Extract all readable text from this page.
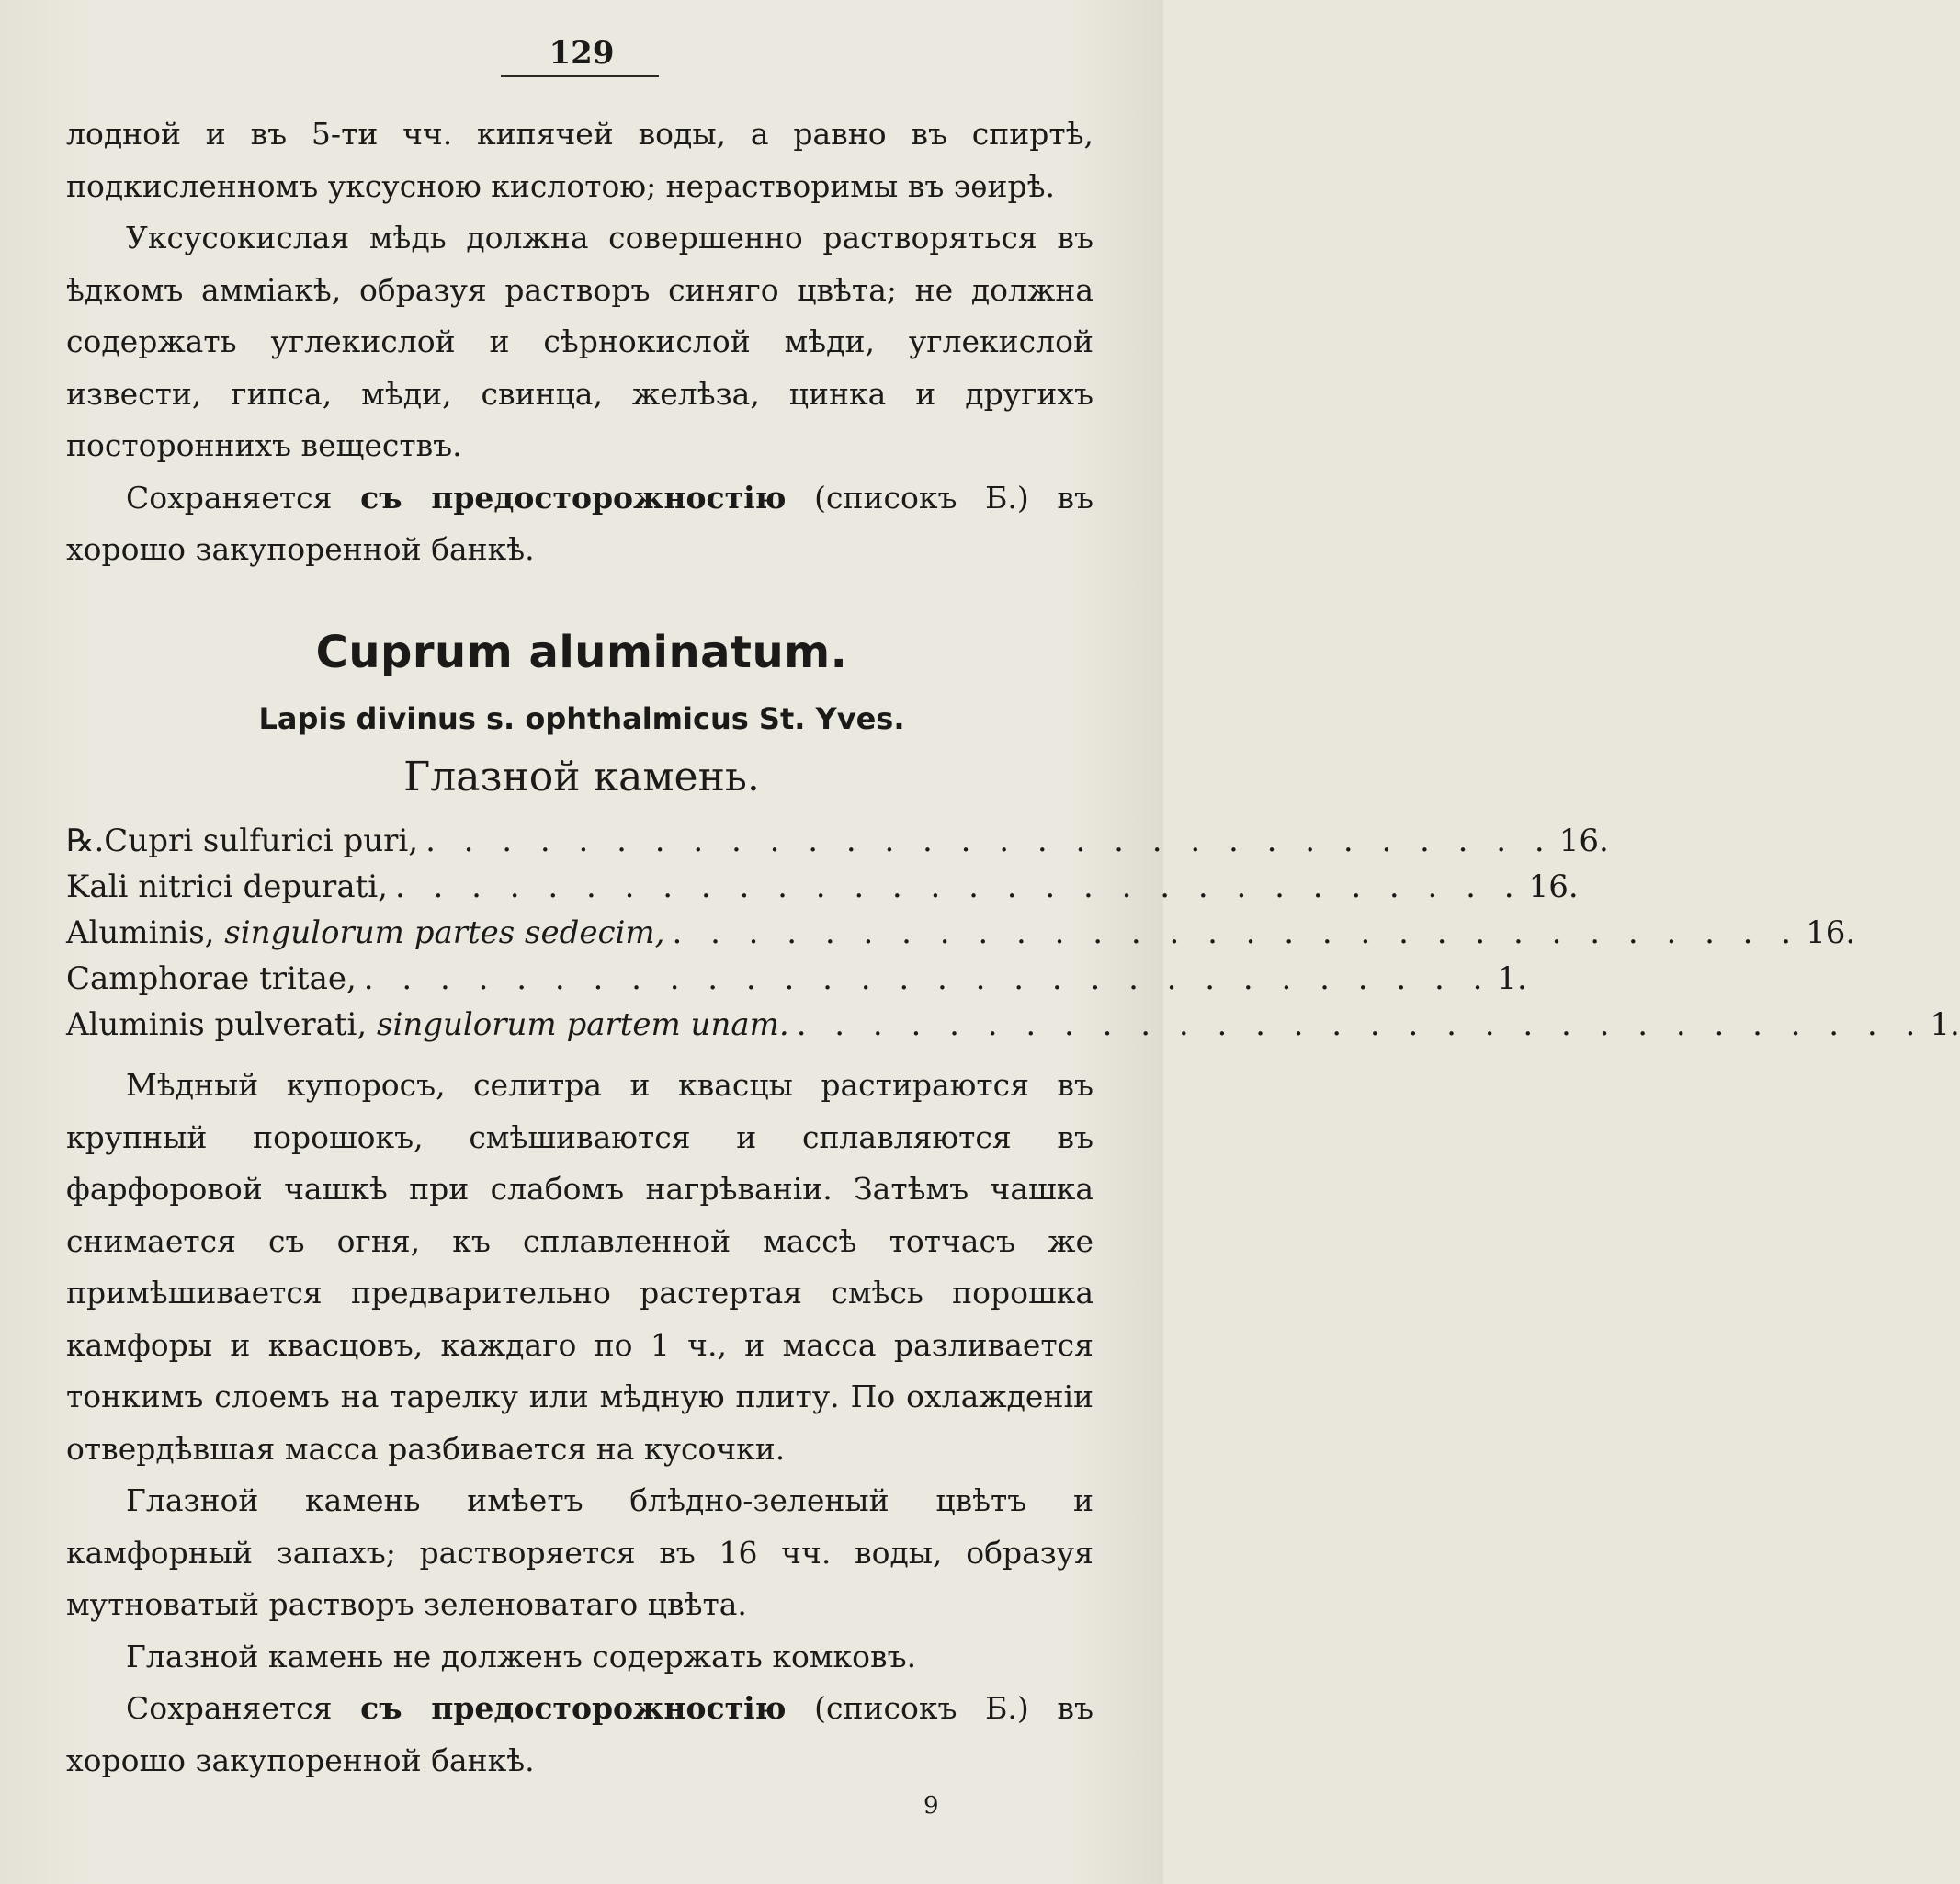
129

лодной и въ 5-ти чч. кипячей воды, а равно въ спиртѣ, подкисленномъ уксусною кислотою; нерастворимы въ эѳирѣ.

Уксусокислая мѣдь должна совершенно растворяться въ ѣдкомъ амміакѣ, образуя растворъ синяго цвѣта; не должна содержать углекислой и сѣрнокислой мѣди, углекислой извести, гипса, мѣди, свинца, желѣза, цинка и другихъ постороннихъ веществъ.

Сохраняется съ предосторожностію (списокъ Б.) въ хорошо закупоренной банкѣ.

Cuprum aluminatum.
Lapis divinus s. ophthalmicus St. Yves.
Глазной камень.
℞. Cupri sulfurici puri, . . . . . . . . . . . . . . . . . . . . . . . . . . . . . . 16.
Kali nitrici depurati, . . . . . . . . . . . . . . . . . . . . . . . . . . . . . . 16.
Aluminis, singulorum partes sedecim, . . . . . . . . . . . . . . . . . . . . . . . . . . . . . . 16.
Camphorae tritae, . . . . . . . . . . . . . . . . . . . . . . . . . . . . . . 1.
Aluminis pulverati, singulorum partem unam. . . . . . . . . . . . . . . . . . . . . . . . . . . . . . . 1.

Мѣдный купоросъ, селитра и квасцы растираются въ крупный порошокъ, смѣшиваются и сплавляются въ фарфоровой чашкѣ при слабомъ нагрѣваніи. Затѣмъ чашка снимается съ огня, къ сплавленной массѣ тотчасъ же примѣшивается предварительно растертая смѣсь порошка камфоры и квасцовъ, каждаго по 1 ч., и масса разливается тонкимъ слоемъ на тарелку или мѣдную плиту. По охлажденіи отвердѣвшая масса разбивается на кусочки.

Глазной камень имѣетъ блѣдно-зеленый цвѣтъ и камфорный запахъ; растворяется въ 16 чч. воды, образуя мутноватый растворъ зеленоватаго цвѣта.

Глазной камень не долженъ содержать комковъ.

Сохраняется съ предосторожностію (списокъ Б.) въ хорошо закупоренной банкѣ.

9
